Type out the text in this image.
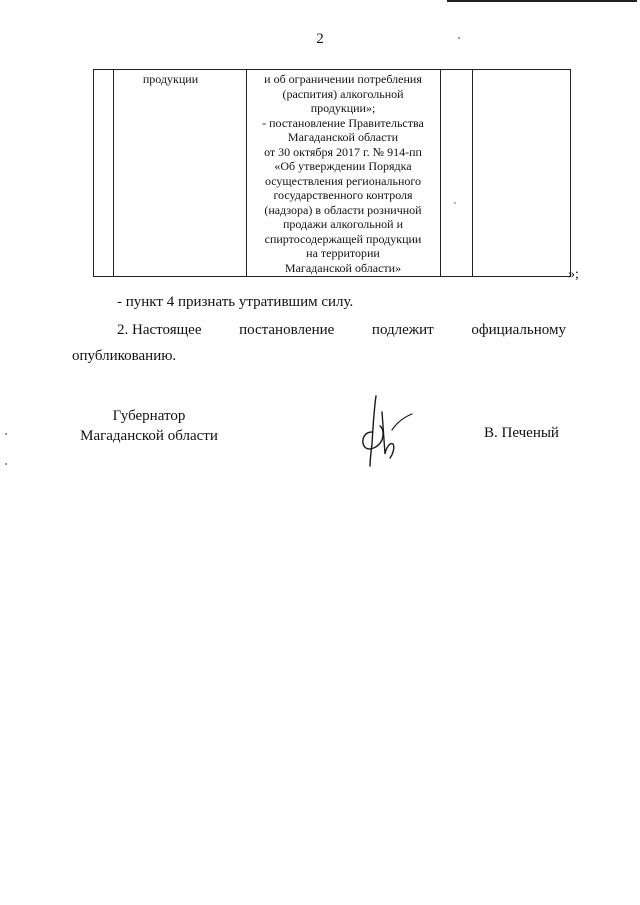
2
продукции	и об ограничении потребления
(распития) алкогольной
продукции»;
- постановление Правительства
Магаданской области
от 30 октября 2017 г. № 914-пп
«Об утверждении Порядка
осуществления регионального
государственного контроля
(надзора) в области розничной
продажи алкогольной и
спиртосодержащей продукции
на территории
Магаданской области»	»;
- пункт 4 признать утратившим силу.
2. Настоящее	постановление	подлежит	официальному
опубликованию.
Губернатор
Магаданской области	В. Печеный
